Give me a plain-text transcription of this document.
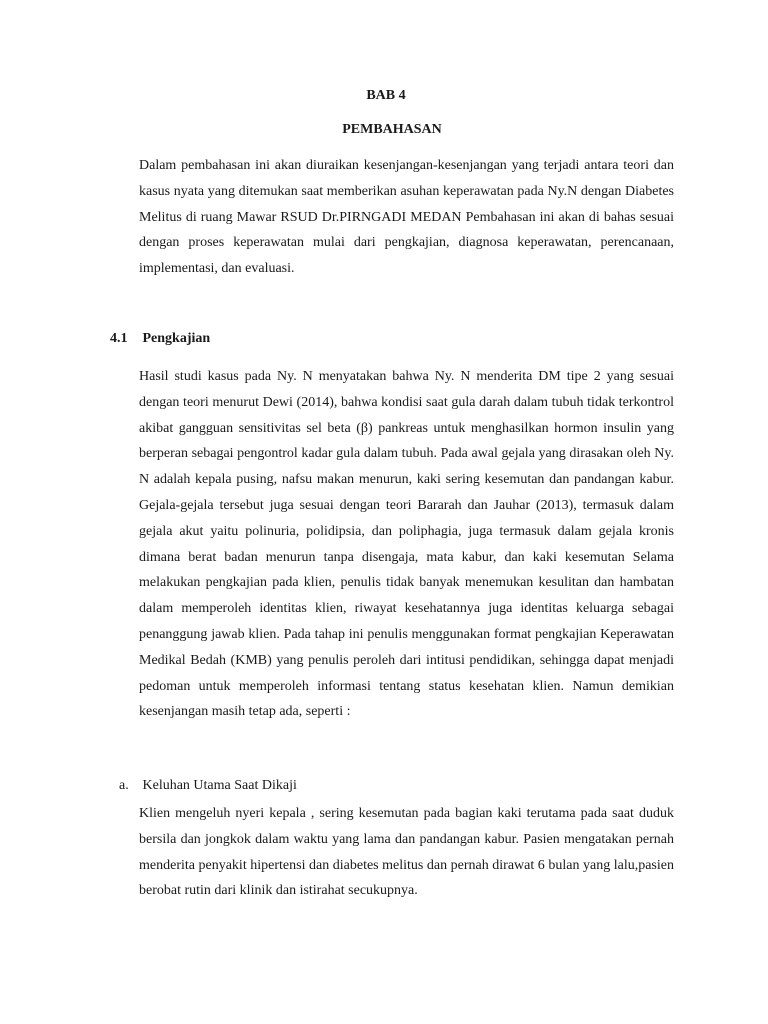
BAB 4
PEMBAHASAN

Dalam pembahasan ini akan diuraikan kesenjangan-kesenjangan yang terjadi antara teori dan kasus nyata yang ditemukan saat memberikan asuhan keperawatan pada Ny.N dengan Diabetes Melitus di ruang Mawar RSUD Dr.PIRNGADI MEDAN Pembahasan ini akan di bahas sesuai dengan proses keperawatan mulai dari pengkajian, diagnosa keperawatan, perencanaan, implementasi, dan evaluasi.

4.1 Pengkajian

Hasil studi kasus pada Ny. N menyatakan bahwa Ny. N menderita DM tipe 2 yang sesuai dengan teori menurut Dewi (2014), bahwa kondisi saat gula darah dalam tubuh tidak terkontrol akibat gangguan sensitivitas sel beta (β) pankreas untuk menghasilkan hormon insulin yang berperan sebagai pengontrol kadar gula dalam tubuh. Pada awal gejala yang dirasakan oleh Ny. N adalah kepala pusing, nafsu makan menurun, kaki sering kesemutan dan pandangan kabur. Gejala-gejala tersebut juga sesuai dengan teori Bararah dan Jauhar (2013), termasuk dalam gejala akut yaitu polinuria, polidipsia, dan poliphagia, juga termasuk dalam gejala kronis dimana berat badan menurun tanpa disengaja, mata kabur, dan kaki kesemutan Selama melakukan pengkajian pada klien, penulis tidak banyak menemukan kesulitan dan hambatan dalam memperoleh identitas klien, riwayat kesehatannya juga identitas keluarga sebagai penanggung jawab klien. Pada tahap ini penulis menggunakan format pengkajian Keperawatan Medikal Bedah (KMB) yang penulis peroleh dari intitusi pendidikan, sehingga dapat menjadi pedoman untuk memperoleh informasi tentang status kesehatan klien. Namun demikian kesenjangan masih tetap ada, seperti :

a. Keluhan Utama Saat Dikaji

Klien mengeluh nyeri kepala , sering kesemutan pada bagian kaki terutama pada saat duduk bersila dan jongkok dalam waktu yang lama dan pandangan kabur. Pasien mengatakan pernah menderita penyakit hipertensi dan diabetes melitus dan pernah dirawat 6 bulan yang lalu,pasien berobat rutin dari klinik dan istirahat secukupnya.
